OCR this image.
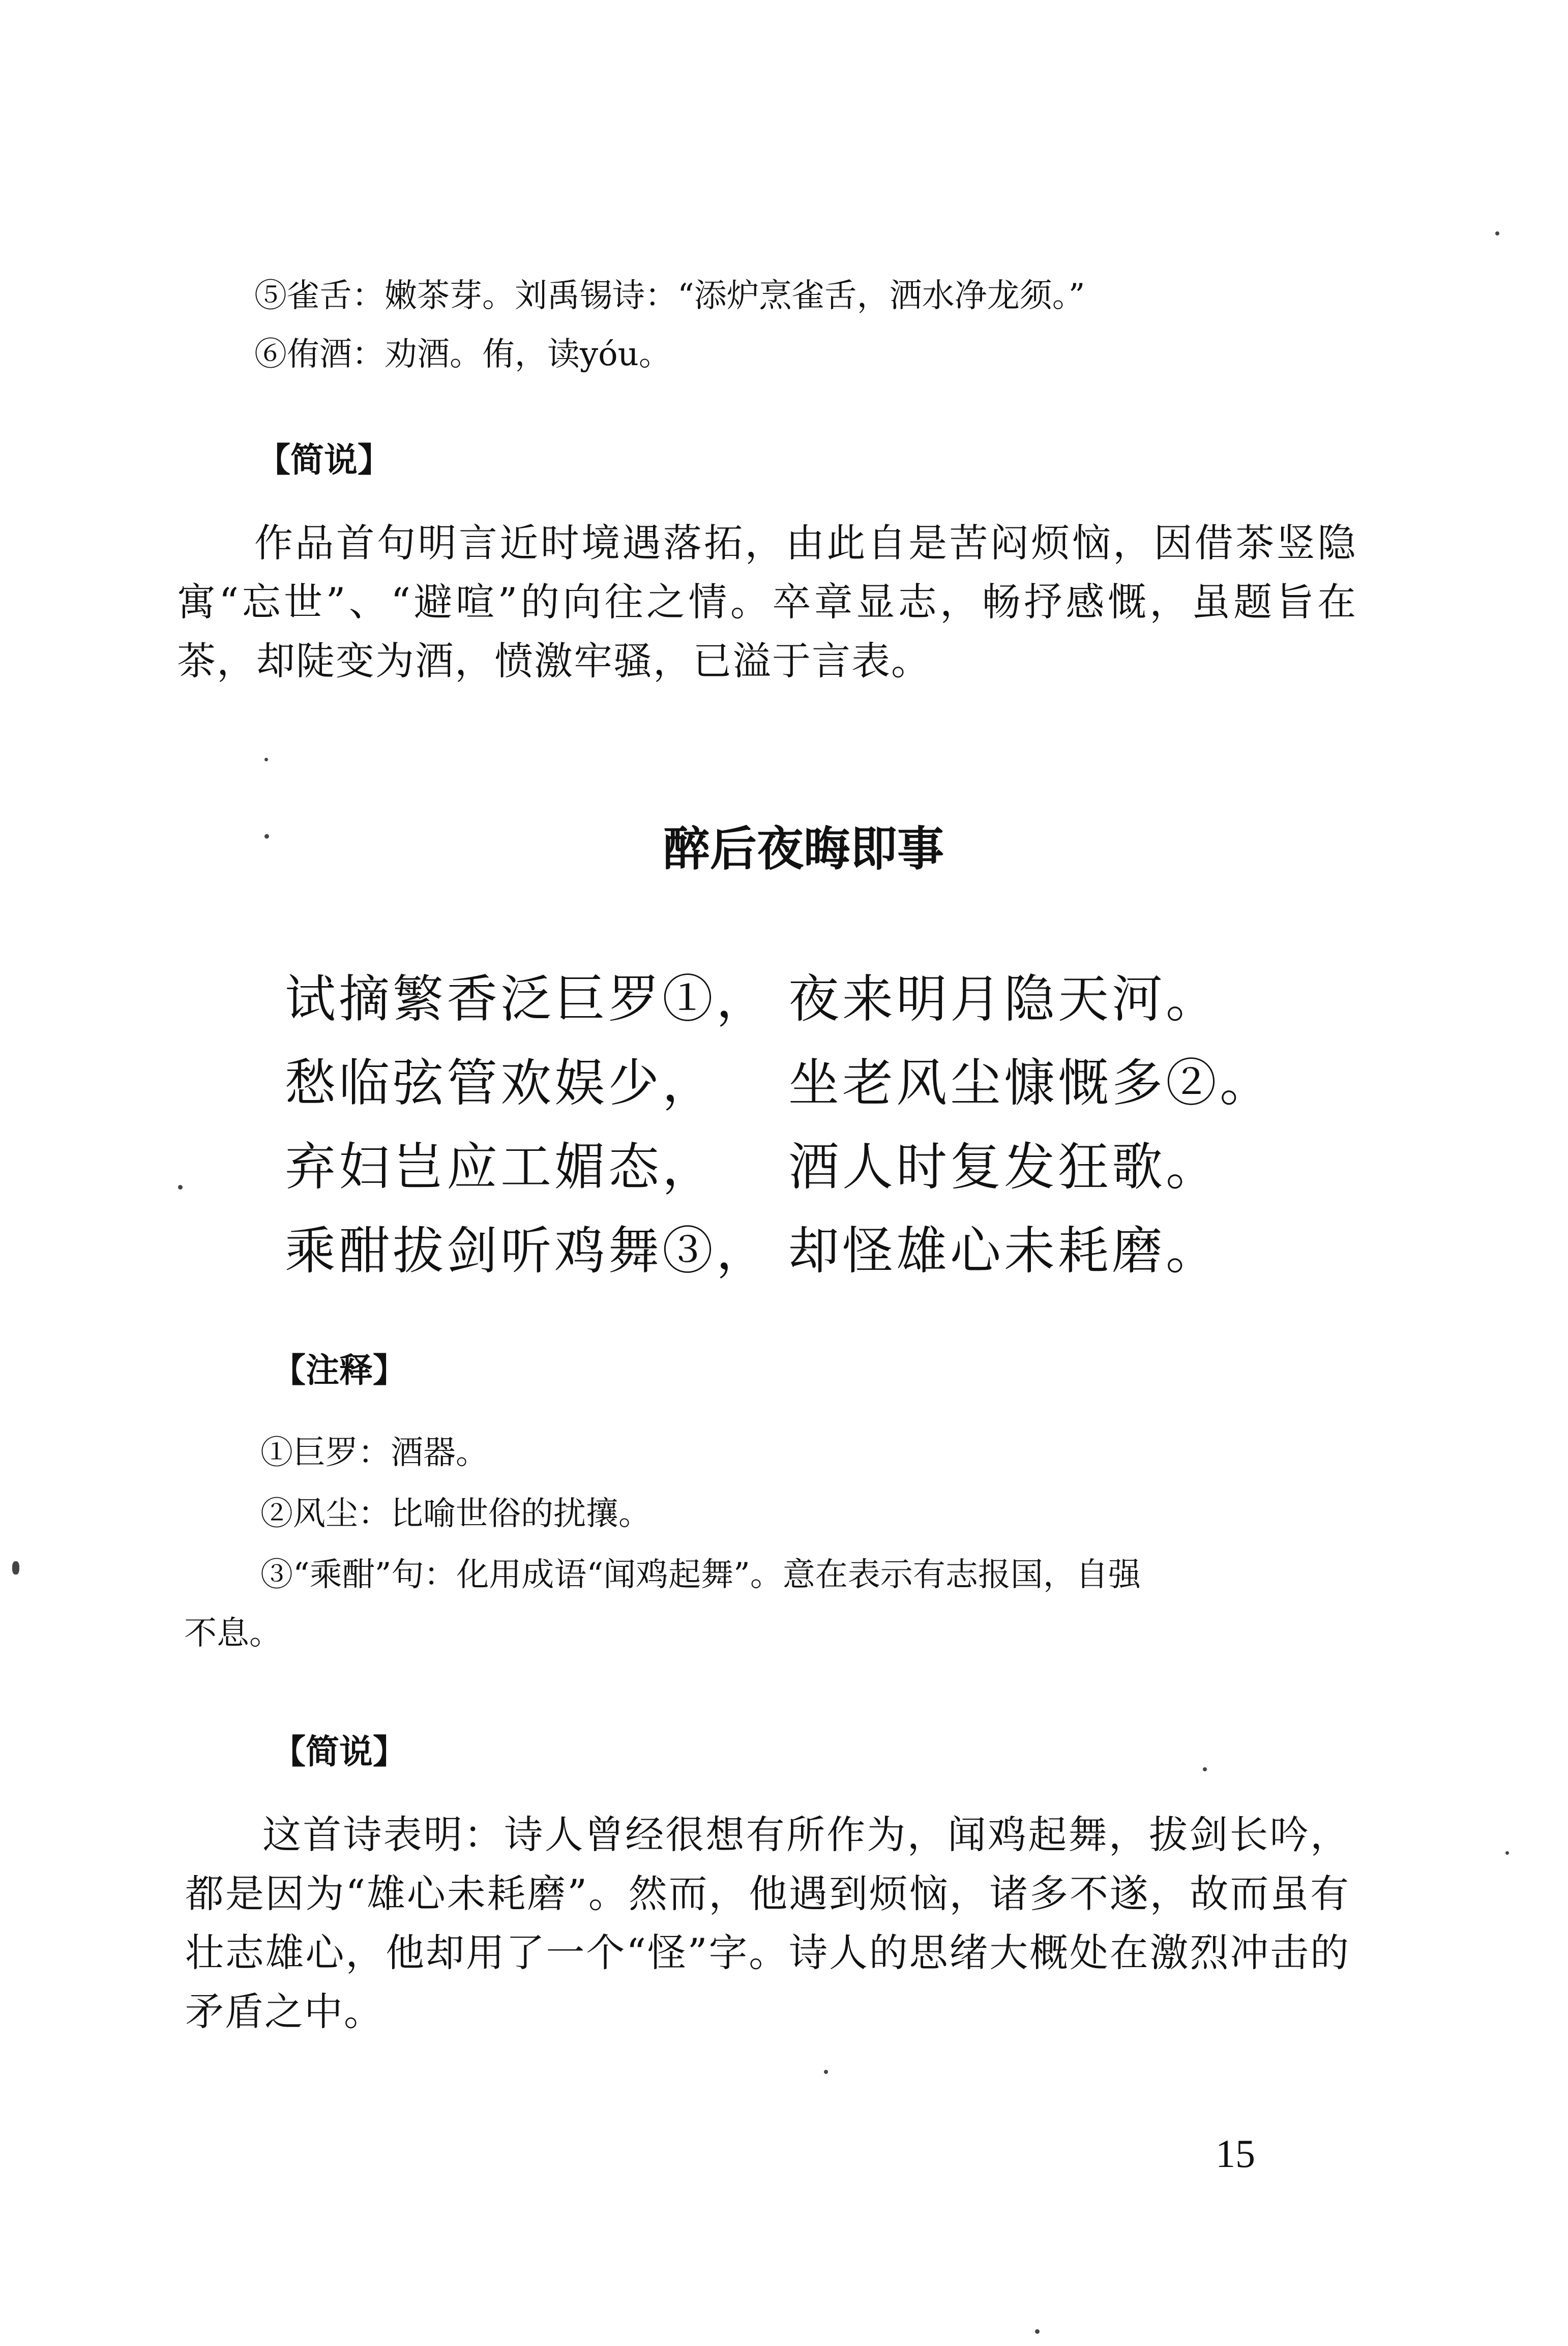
⑤雀舌：嫩茶芽。刘禹锡诗：“添炉烹雀舌，洒水净龙须。”
⑥侑酒：劝酒。侑，读yóu。
【简说】

作品首句明言近时境遇落拓，由此自是苦闷烦恼，因借茶竖隐寓“忘世”、“避喧”的向往之情。卒章显志，畅抒感慨，虽题旨在茶，却陡变为酒，愤激牢骚，已溢于言表。

醉后夜晦即事
试摘繁香泛巨罗①， 夜来明月隐天河。
愁临弦管欢娱少， 坐老风尘慷慨多②。
弃妇岂应工媚态， 酒人时复发狂歌。
乘酣拔剑听鸡舞③， 却怪雄心未耗磨。
【注释】
①巨罗：酒器。
②风尘：比喻世俗的扰攘。
③“乘酣”句：化用成语“闻鸡起舞”。意在表示有志报国，自强
不息。
【简说】

这首诗表明：诗人曾经很想有所作为，闻鸡起舞，拔剑长吟，都是因为“雄心未耗磨”。然而，他遇到烦恼，诸多不遂，故而虽有壮志雄心，他却用了一个“怪”字。诗人的思绪大概处在激烈冲击的矛盾之中。

15
